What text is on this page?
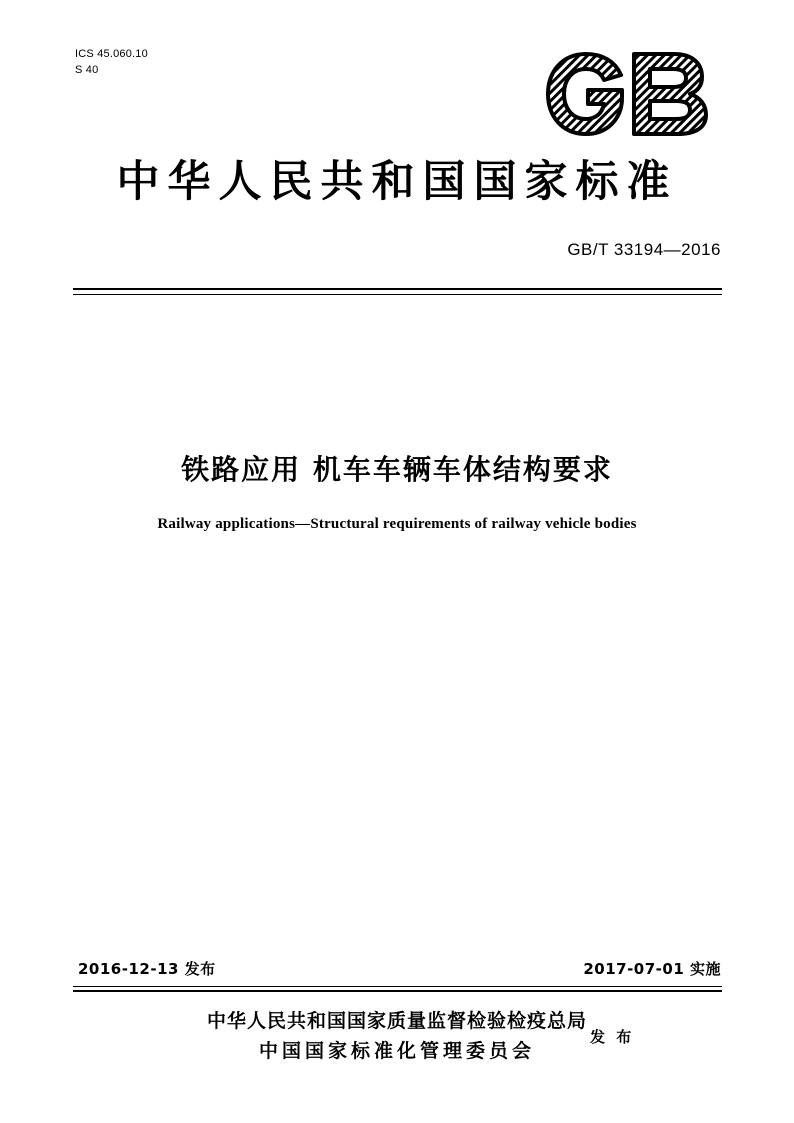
ICS 45.060.10
S 40
中华人民共和国国家标准
GB/T 33194—2016
铁路应用 机车车辆车体结构要求
Railway applications—Structural requirements of railway vehicle bodies
2016-12-13 发布	2017-07-01 实施
中华人民共和国国家质量监督检验检疫总局
中国国家标准化管理委员会
发 布
